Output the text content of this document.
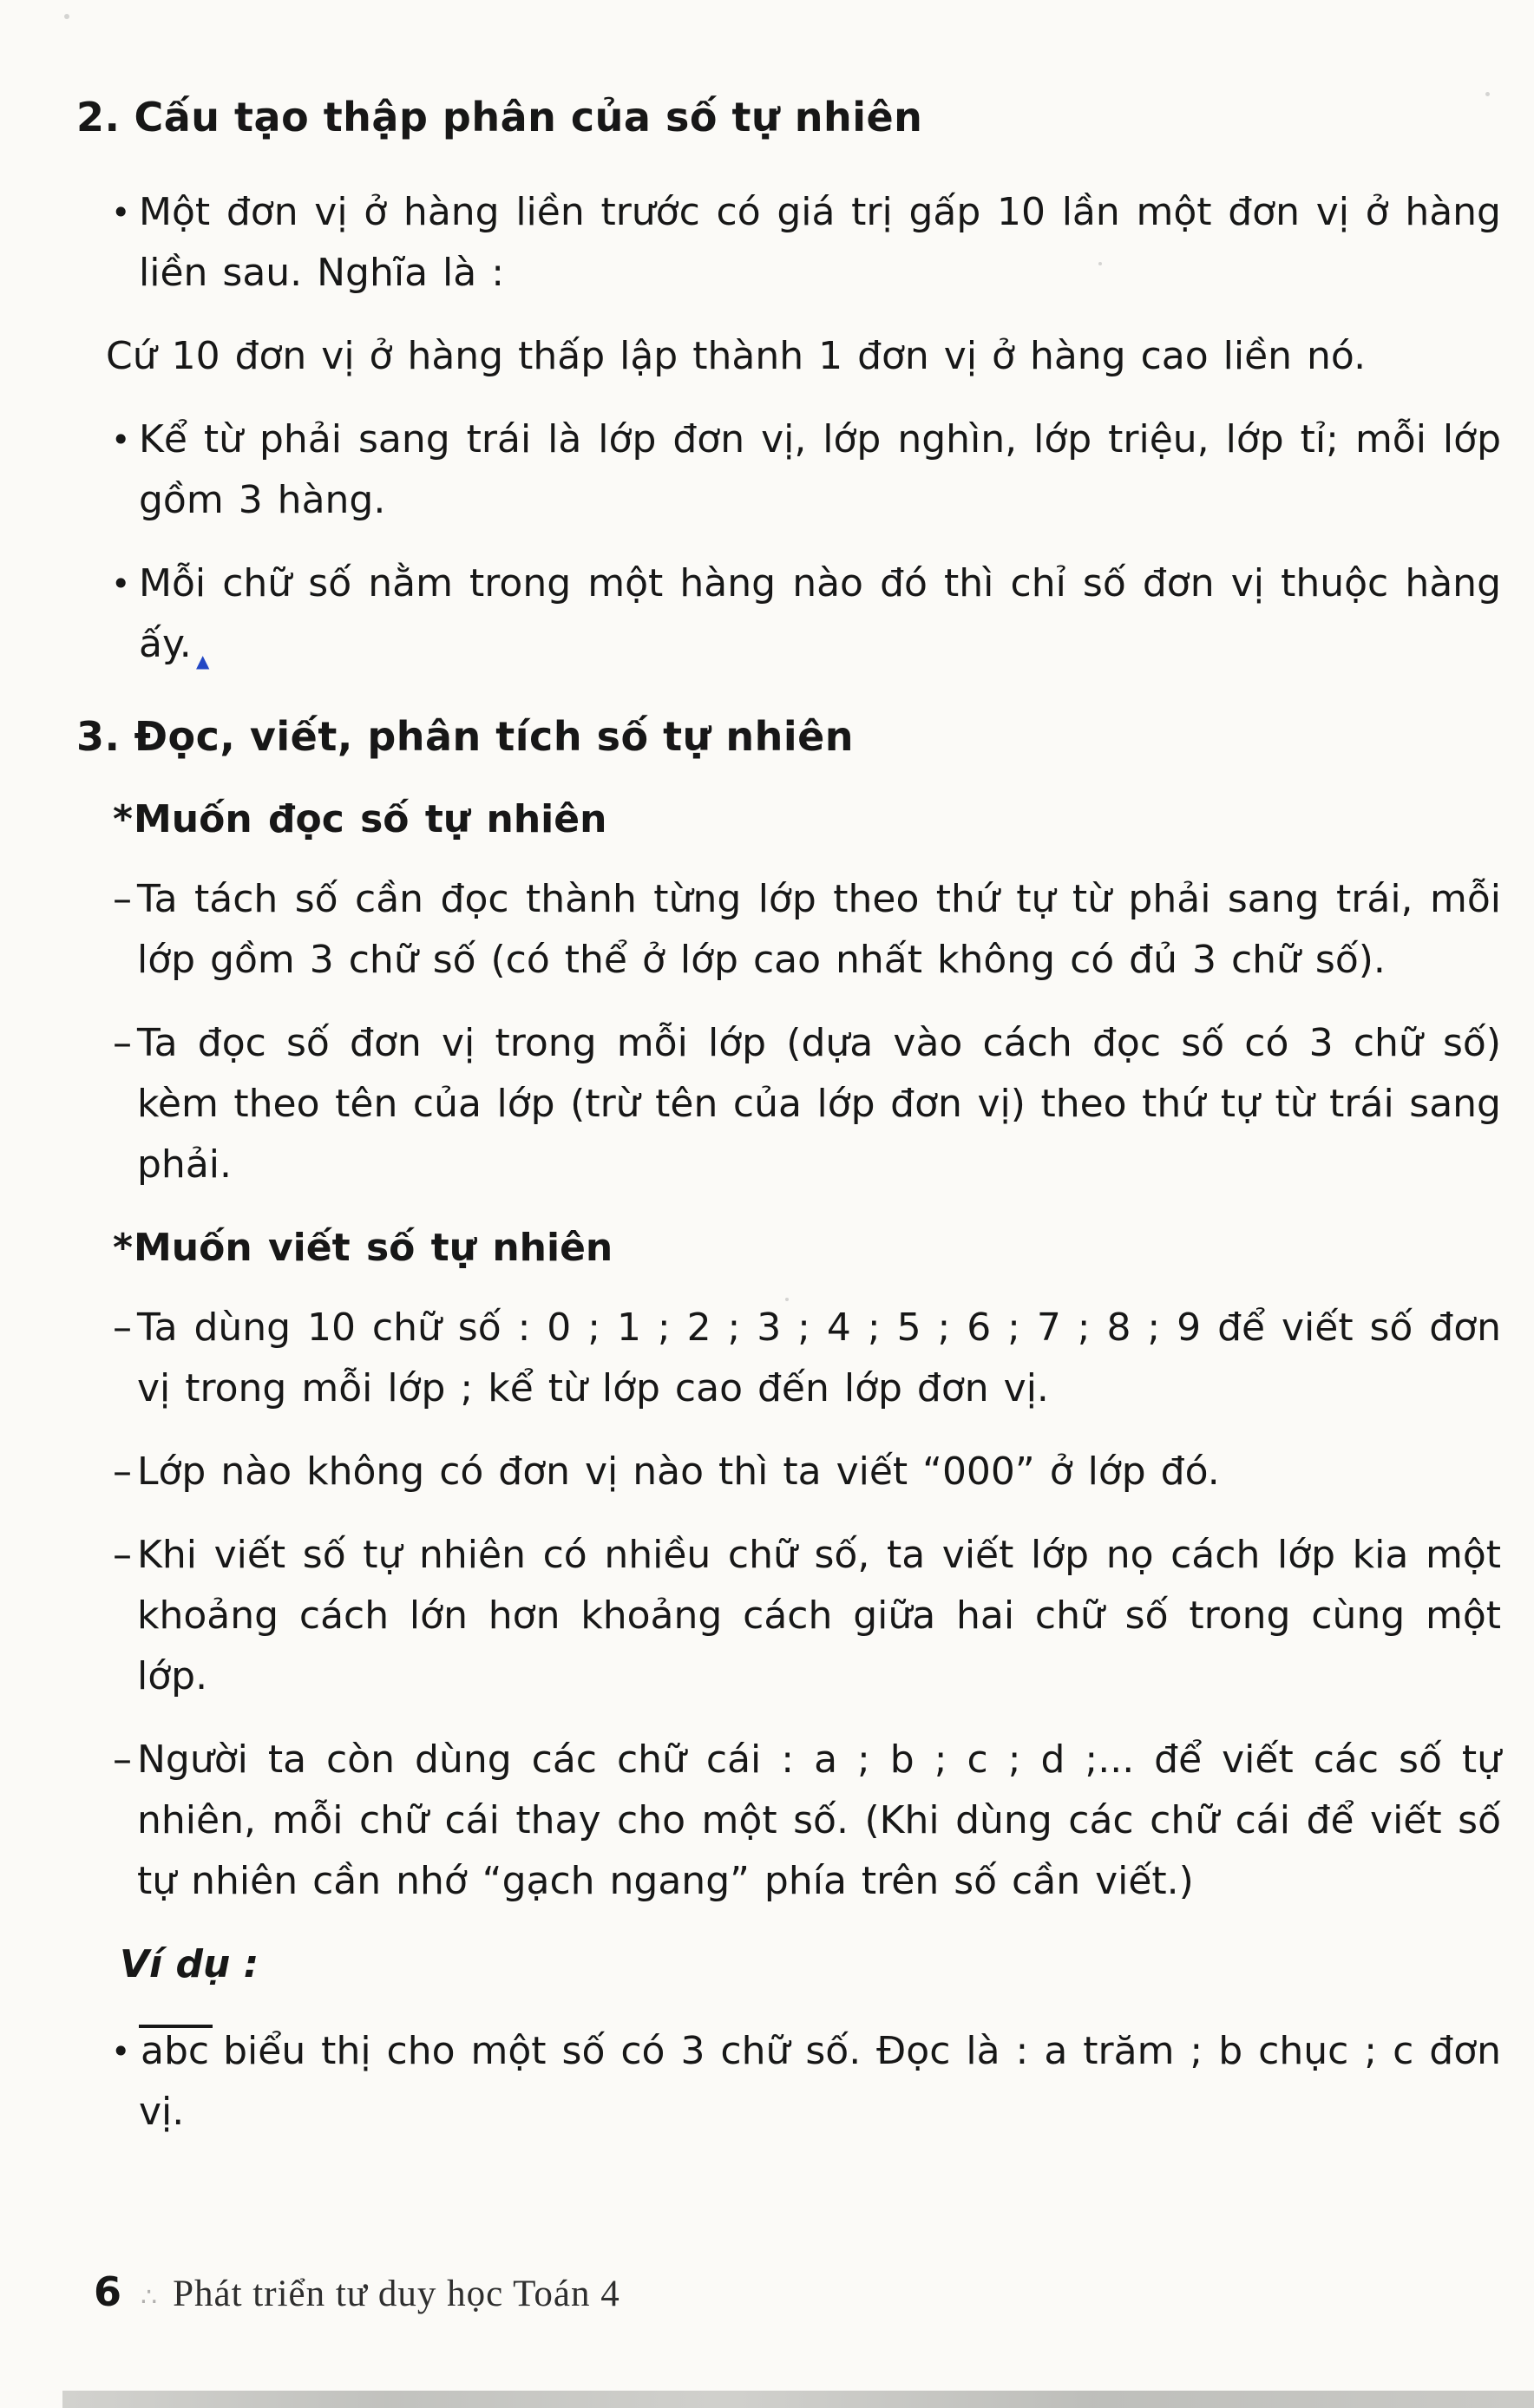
2. Cấu tạo thập phân của số tự nhiên
• Một đơn vị ở hàng liền trước có giá trị gấp 10 lần một đơn vị ở hàng liền sau. Nghĩa là :
Cứ 10 đơn vị ở hàng thấp lập thành 1 đơn vị ở hàng cao liền nó.
• Kể từ phải sang trái là lớp đơn vị, lớp nghìn, lớp triệu, lớp tỉ; mỗi lớp gồm 3 hàng.
• Mỗi chữ số nằm trong một hàng nào đó thì chỉ số đơn vị thuộc hàng ấy. ▲
3. Đọc, viết, phân tích số tự nhiên
* Muốn đọc số tự nhiên
– Ta tách số cần đọc thành từng lớp theo thứ tự từ phải sang trái, mỗi lớp gồm 3 chữ số (có thể ở lớp cao nhất không có đủ 3 chữ số).
– Ta đọc số đơn vị trong mỗi lớp (dựa vào cách đọc số có 3 chữ số) kèm theo tên của lớp (trừ tên của lớp đơn vị) theo thứ tự từ trái sang phải.
* Muốn viết số tự nhiên
– Ta dùng 10 chữ số : 0 ; 1 ; 2 ; 3 ; 4 ; 5 ; 6 ; 7 ; 8 ; 9 để viết số đơn vị trong mỗi lớp ; kể từ lớp cao đến lớp đơn vị.
– Lớp nào không có đơn vị nào thì ta viết “000” ở lớp đó.
– Khi viết số tự nhiên có nhiều chữ số, ta viết lớp nọ cách lớp kia một khoảng cách lớn hơn khoảng cách giữa hai chữ số trong cùng một lớp.
– Người ta còn dùng các chữ cái : a ; b ; c ; d ;... để viết các số tự nhiên, mỗi chữ cái thay cho một số. (Khi dùng các chữ cái để viết số tự nhiên cần nhớ “gạch ngang” phía trên số cần viết.)
Ví dụ :
• abc biểu thị cho một số có 3 chữ số. Đọc là : a trăm ; b chục ; c đơn vị.
6 ∴ Phát triển tư duy học Toán 4
